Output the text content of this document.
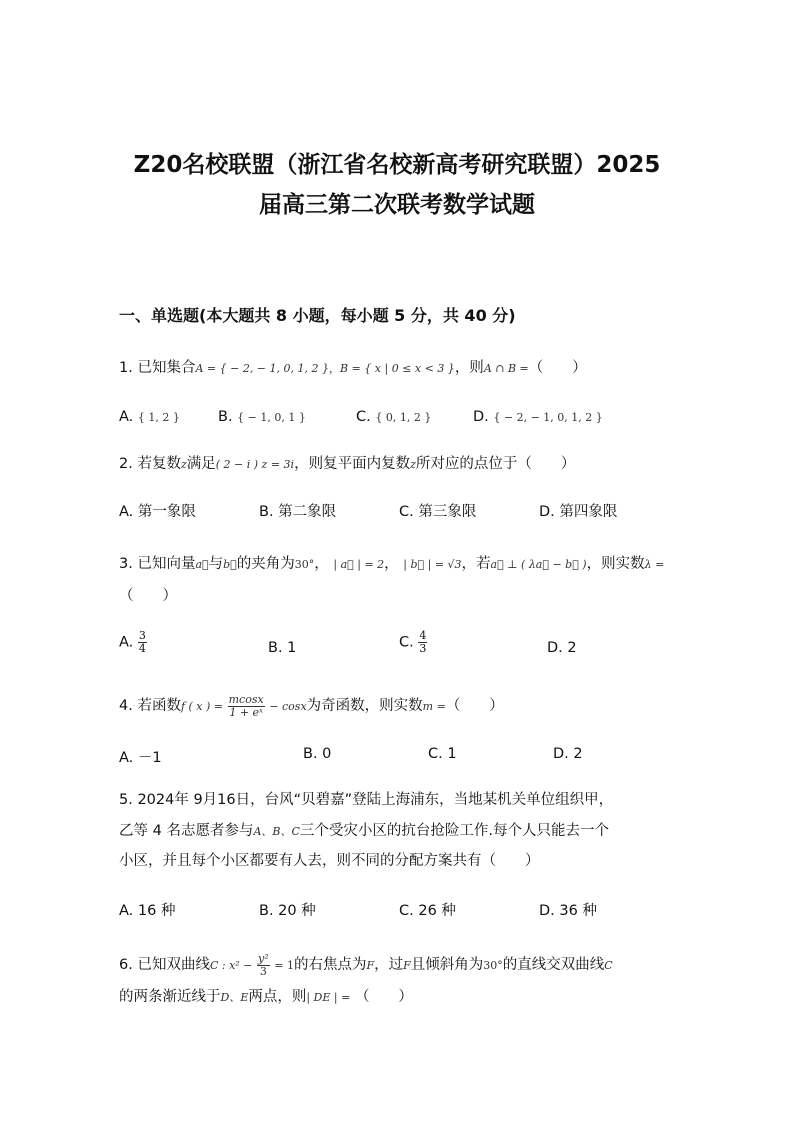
Z20名校联盟（浙江省名校新高考研究联盟）2025
届高三第二次联考数学试题
一、单选题(本大题共 8 小题，每小题 5 分，共 40 分)
1. 已知集合A = { − 2, − 1, 0, 1, 2 }，B = { x | 0 ≤ x < 3 }，则A ∩ B =（　　）
A. { 1, 2 }	B. { − 1, 0, 1 }	C. { 0, 1, 2 }	D. { − 2, − 1, 0, 1, 2 }
2. 若复数z满足( 2 − i ) z = 3i，则复平面内复数z所对应的点位于（　　）
A. 第一象限	B. 第二象限	C. 第三象限	D. 第四象限
3. 已知向量a⃗与b⃗的夹角为30°， | a⃗ | = 2， | b⃗ | = √3，若a⃗ ⊥ ( λa⃗ − b⃗ )，则实数λ =
（　　）
A. $\frac{3}{4}$	B. 1	C. $\frac{4}{3}$	D. 2
4. 若函数f ( x ) = $\frac{mcosx}{\text{1 + eˣ}} - \cos x$为奇函数，则实数m =（　　）
A. －1	B. 0	C. 1	D. 2
5. 2024年 9月16日，台风“贝碧嘉”登陆上海浦东，当地某机关单位组织甲，
乙等 4 名志愿者参与A、B、C三个受灾小区的抗台抢险工作.每个人只能去一个
小区，并且每个小区都要有人去，则不同的分配方案共有（　　）
A. 16 种	B. 20 种	C. 26 种	D. 36 种
6. 已知双曲线C : $x^2 - \frac{\text{y²}}{3} = 1$的右焦点为F，过F且倾斜角为30°的直线交双曲线C
的两条渐近线于D、E两点，则| DE | = （　　）
